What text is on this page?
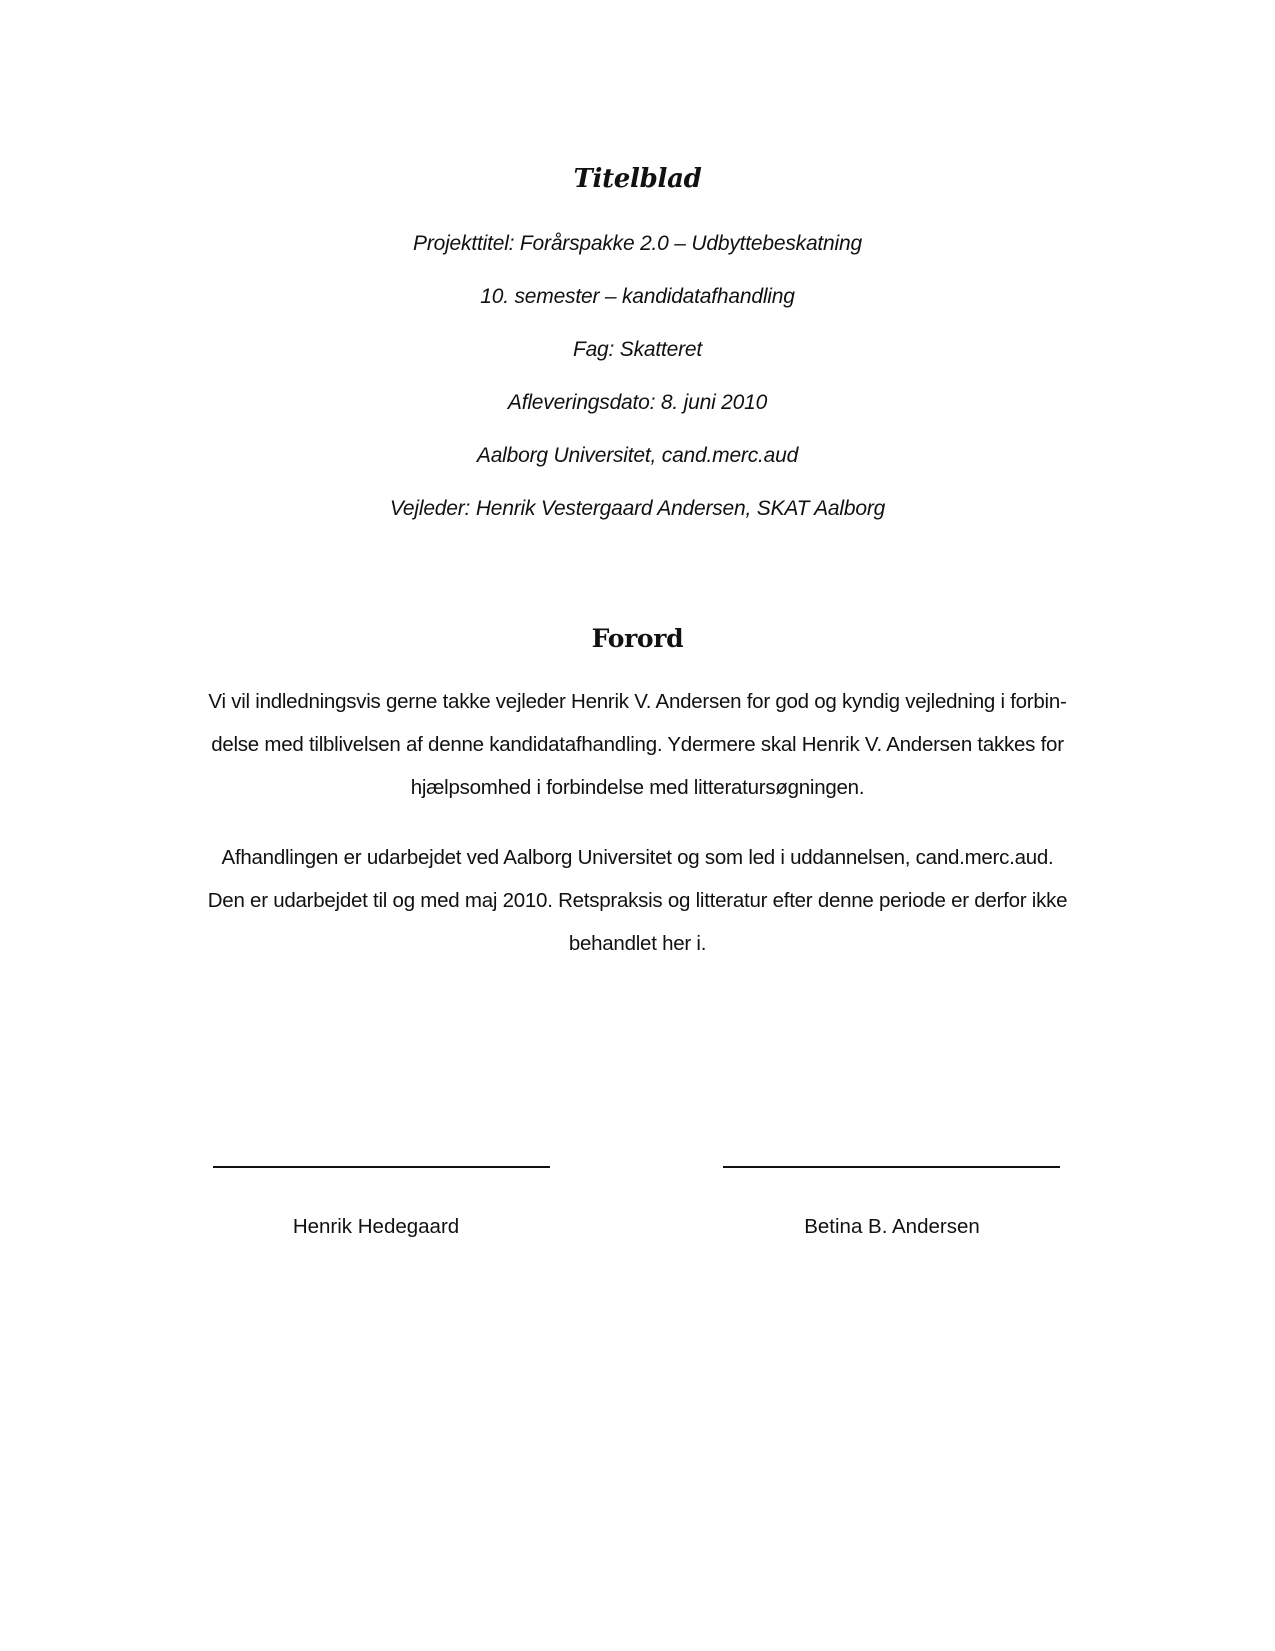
Titelblad
Projekttitel: Forårspakke 2.0 – Udbyttebeskatning
10. semester – kandidatafhandling
Fag: Skatteret
Afleveringsdato: 8. juni 2010
Aalborg Universitet, cand.merc.aud
Vejleder: Henrik Vestergaard Andersen, SKAT Aalborg
Forord
Vi vil indledningsvis gerne takke vejleder Henrik V. Andersen for god og kyndig vejledning i forbin-
delse med tilblivelsen af denne kandidatafhandling. Ydermere skal Henrik V. Andersen takkes for
hjælpsomhed i forbindelse med litteratursøgningen.
Afhandlingen er udarbejdet ved Aalborg Universitet og som led i uddannelsen, cand.merc.aud.
Den er udarbejdet til og med maj 2010. Retspraksis og litteratur efter denne periode er derfor ikke
behandlet her i.
Henrik Hedegaard	Betina B. Andersen
